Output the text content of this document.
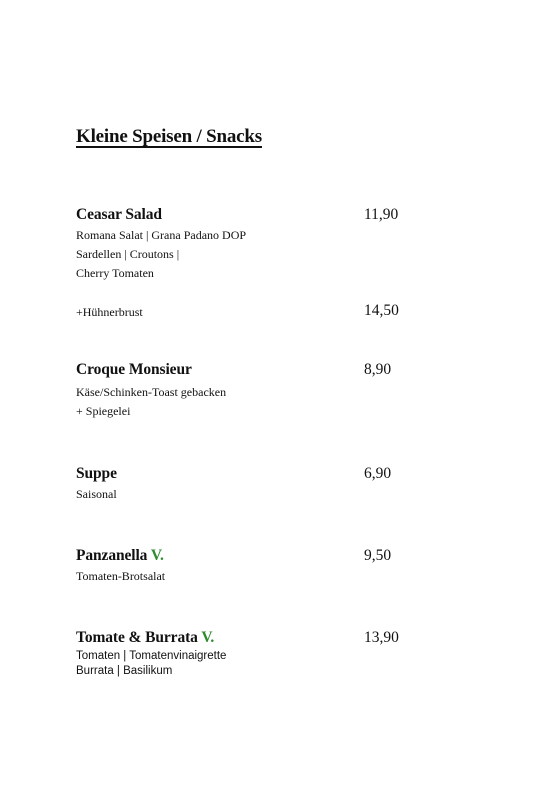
Kleine Speisen / Snacks
Ceasar Salad	11,90
Romana Salat | Grana Padano DOP
Sardellen | Croutons |
Cherry Tomaten
+Hühnerbrust	14,50
Croque Monsieur	8,90
Käse/Schinken-Toast gebacken
+ Spiegelei
Suppe	6,90
Saisonal
Panzanella V.	9,50
Tomaten-Brotsalat
Tomate & Burrata V.	13,90
Tomaten | Tomatenvinaigrette
Burrata | Basilikum
